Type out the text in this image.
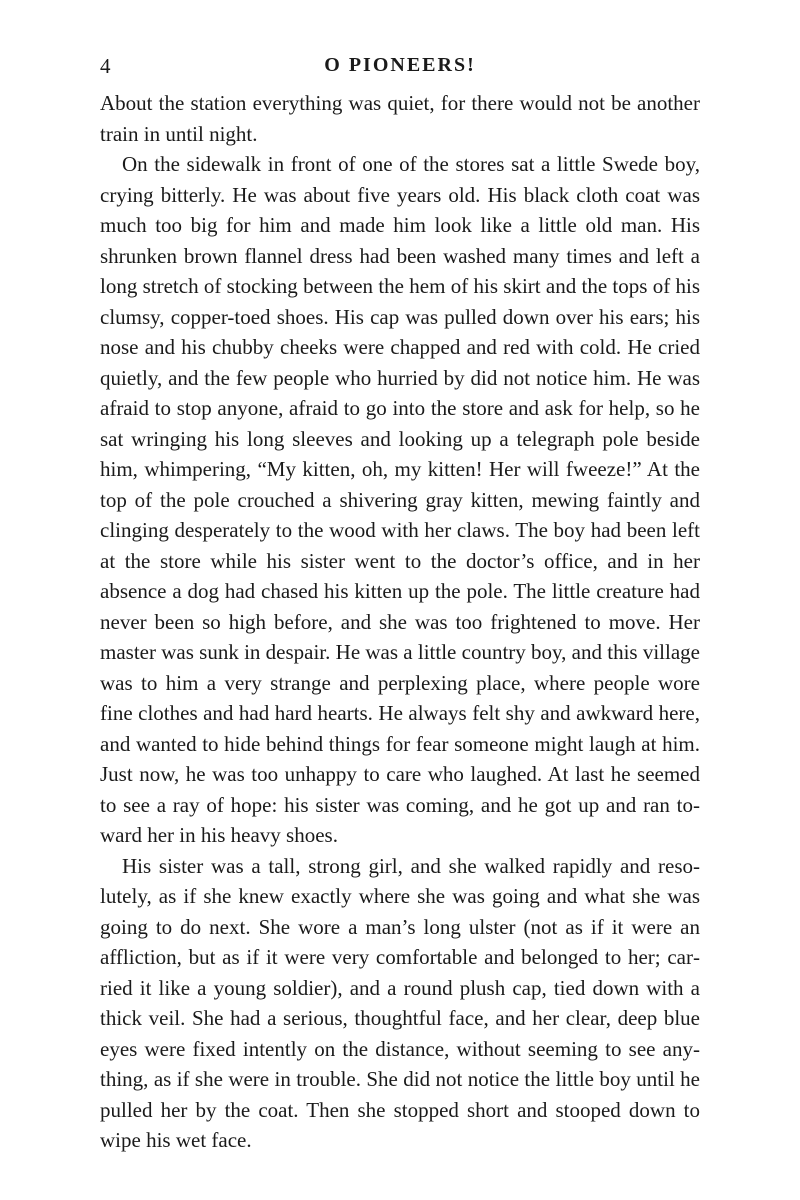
4	O PIONEERS!

About the station everything was quiet, for there would not be another train in until night.

On the sidewalk in front of one of the stores sat a little Swede boy, crying bitterly. He was about five years old. His black cloth coat was much too big for him and made him look like a little old man. His shrunken brown flannel dress had been washed many times and left a long stretch of stocking between the hem of his skirt and the tops of his clumsy, copper-toed shoes. His cap was pulled down over his ears; his nose and his chubby cheeks were chapped and red with cold. He cried quietly, and the few people who hurried by did not notice him. He was afraid to stop anyone, afraid to go into the store and ask for help, so he sat wringing his long sleeves and looking up a telegraph pole beside him, whimpering, “My kitten, oh, my kitten! Her will fweeze!” At the top of the pole crouched a shivering gray kitten, mewing faintly and clinging desperately to the wood with her claws. The boy had been left at the store while his sister went to the doctor’s office, and in her absence a dog had chased his kitten up the pole. The little creature had never been so high before, and she was too frightened to move. Her master was sunk in despair. He was a little country boy, and this village was to him a very strange and perplexing place, where people wore fine clothes and had hard hearts. He always felt shy and awkward here, and wanted to hide behind things for fear someone might laugh at him. Just now, he was too unhappy to care who laughed. At last he seemed to see a ray of hope: his sister was coming, and he got up and ran toward her in his heavy shoes.

His sister was a tall, strong girl, and she walked rapidly and resolutely, as if she knew exactly where she was going and what she was going to do next. She wore a man’s long ulster (not as if it were an affliction, but as if it were very comfortable and belonged to her; carried it like a young soldier), and a round plush cap, tied down with a thick veil. She had a serious, thoughtful face, and her clear, deep blue eyes were fixed intently on the distance, without seeming to see anything, as if she were in trouble. She did not notice the little boy until he pulled her by the coat. Then she stopped short and stooped down to wipe his wet face.
